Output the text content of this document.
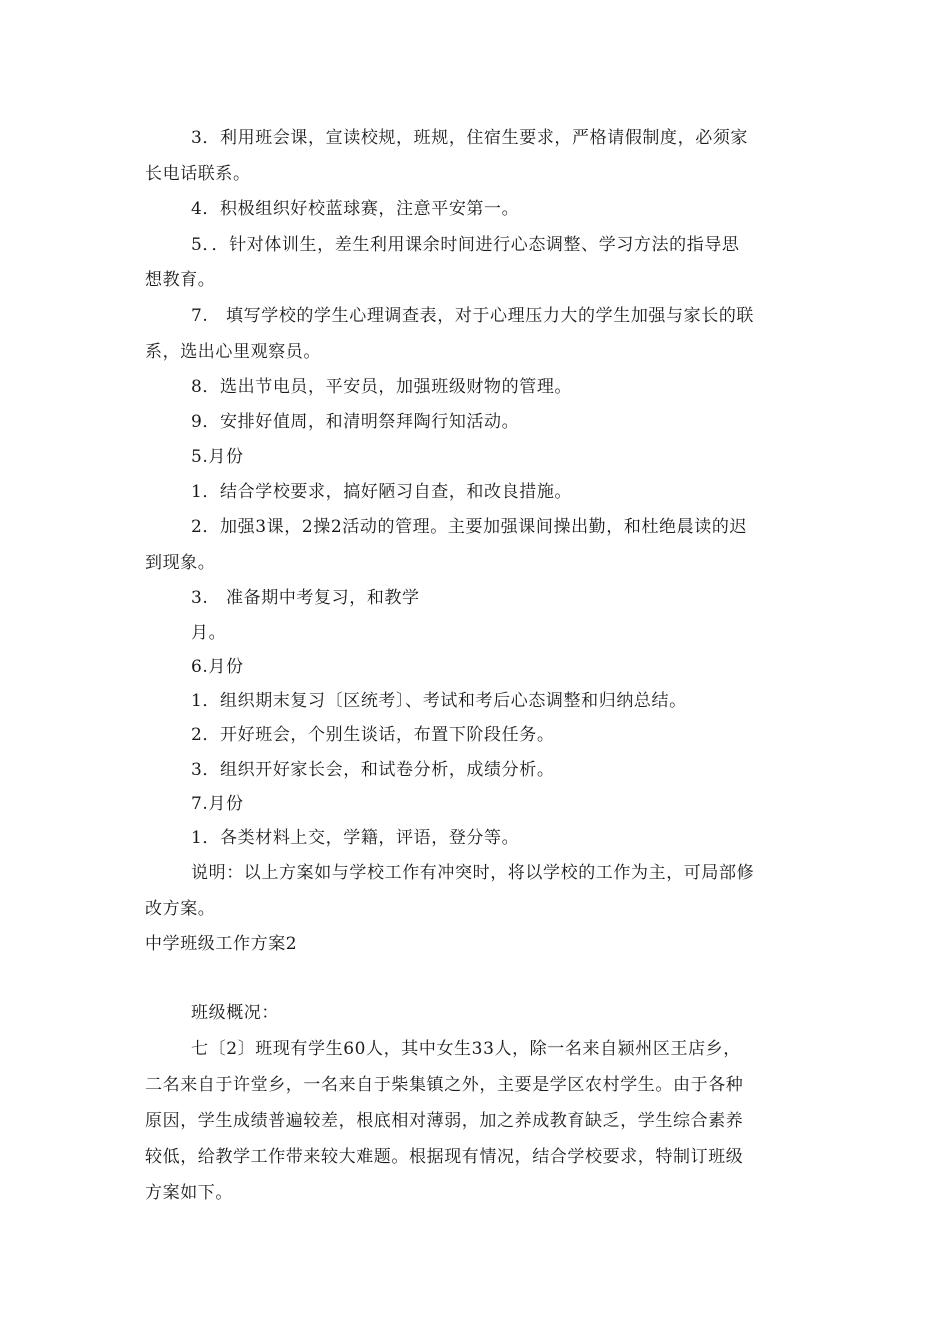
3．利用班会课，宣读校规，班规，住宿生要求，严格请假制度，必须家
长电话联系。
4．积极组织好校蓝球赛，注意平安第一。
5．．针对体训生，差生利用课余时间进行心态调整、学习方法的指导思
想教育。
7.　填写学校的学生心理调查表，对于心理压力大的学生加强与家长的联
系，选出心里观察员。
8．选出节电员，平安员，加强班级财物的管理。
9．安排好值周，和清明祭拜陶行知活动。
5.月份
1．结合学校要求，搞好陋习自查，和改良措施。
2．加强3课，2操2活动的管理。主要加强课间操出勤，和杜绝晨读的迟
到现象。
3.　准备期中考复习，和教学
月。
6.月份
1．组织期末复习〔区统考〕、考试和考后心态调整和归纳总结。
2．开好班会，个别生谈话，布置下阶段任务。
3．组织开好家长会，和试卷分析，成绩分析。
7.月份
1．各类材料上交，学籍，评语，登分等。
说明：以上方案如与学校工作有冲突时，将以学校的工作为主，可局部修
改方案。
中学班级工作方案2
班级概况：
七〔2〕班现有学生60人，其中女生33人，除一名来自颍州区王店乡，
二名来自于许堂乡，一名来自于柴集镇之外，主要是学区农村学生。由于各种
原因，学生成绩普遍较差，根底相对薄弱，加之养成教育缺乏，学生综合素养
较低，给教学工作带来较大难题。根据现有情况，结合学校要求，特制订班级
方案如下。
